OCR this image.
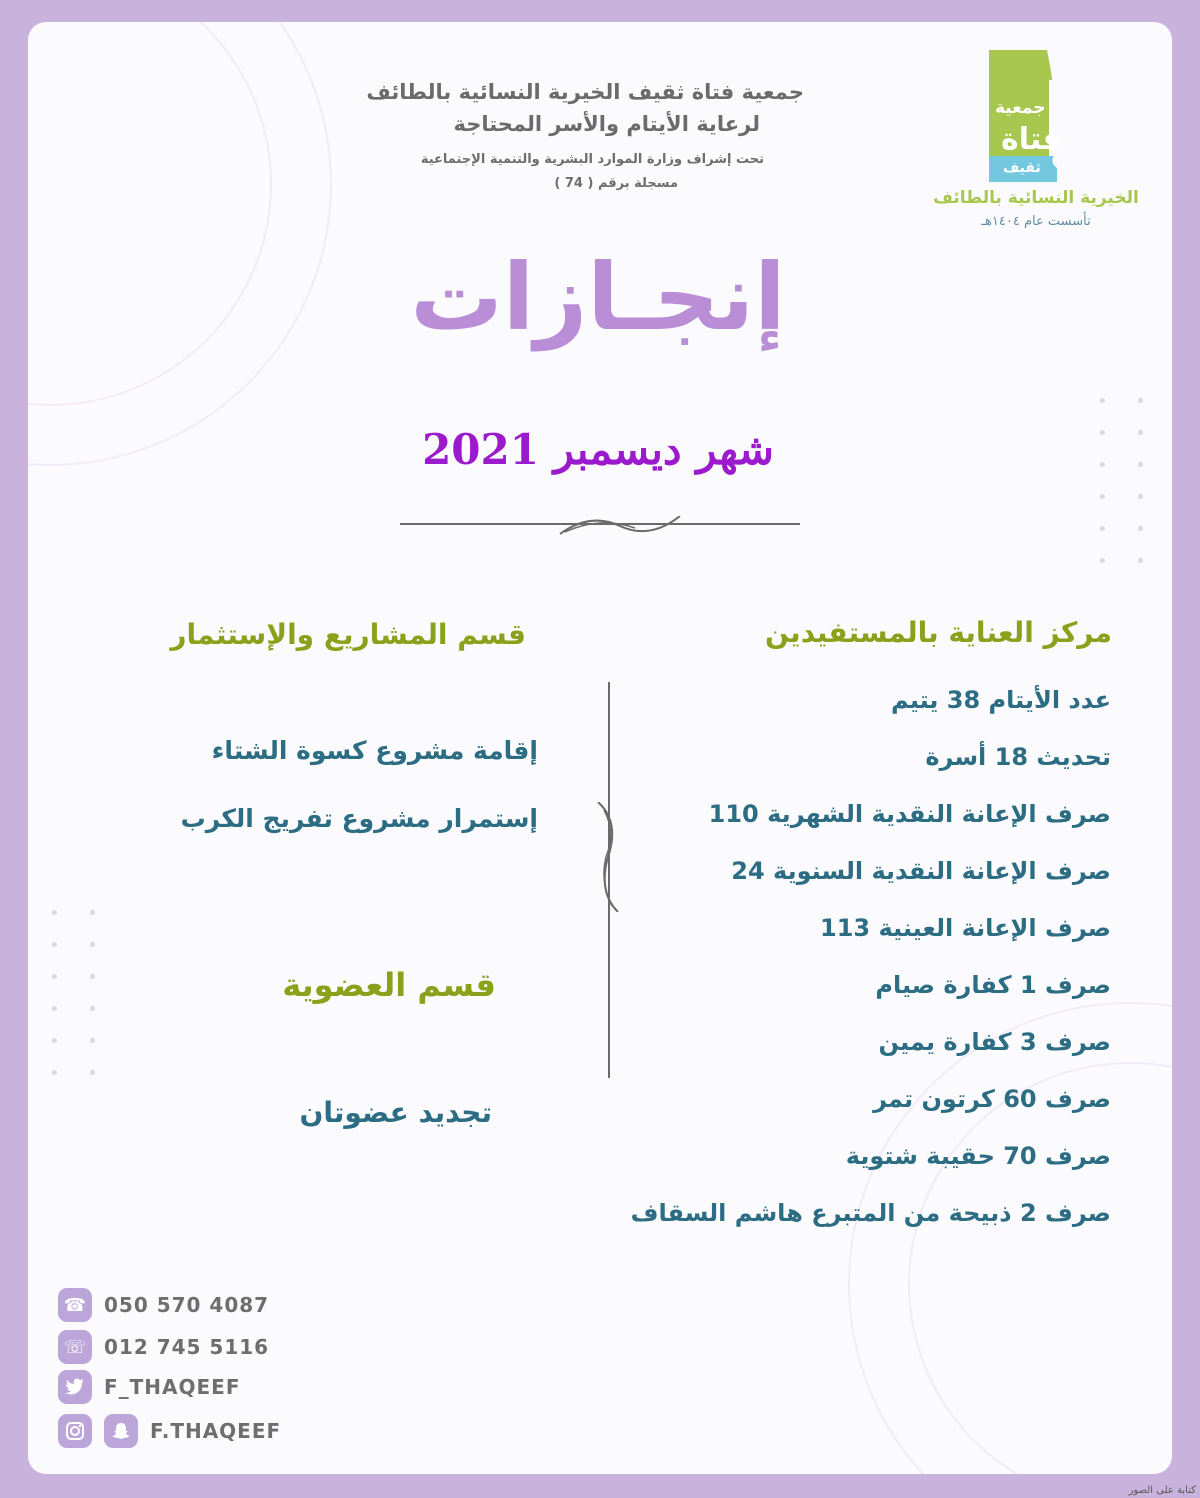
جمعية فتاة ثقيف الخيرية النسائية بالطائف
لرعاية الأيتام والأسر المحتاجة
تحت إشراف وزارة الموارد البشرية والتنمية الإجتماعية
مسجلة برقم ( 74 )
جمعية
فتاة
ثقيف
الخيرية النسائية بالطائف
تأسست عام ١٤٠٤هـ
إنجـازات
شهر ديسمبر 2021
مركز العناية بالمستفيدين
عدد الأيتام 38 يتيم
تحديث 18 أسرة
صرف الإعانة النقدية الشهرية 110
صرف الإعانة النقدية السنوية 24
صرف الإعانة العينية 113
صرف 1 كفارة صيام
صرف 3 كفارة يمين
صرف 60 كرتون تمر
صرف 70 حقيبة شتوية
صرف 2 ذبيحة من المتبرع هاشم السقاف
قسم المشاريع والإستثمار
إقامة مشروع كسوة الشتاء
إستمرار مشروع تفريج الكرب
قسم العضوية
تجديد عضوتان
☎ 050 570 4087
☏ 012 745 5116
F_THAQEEF
F.THAQEEF
كتابة على الصور
